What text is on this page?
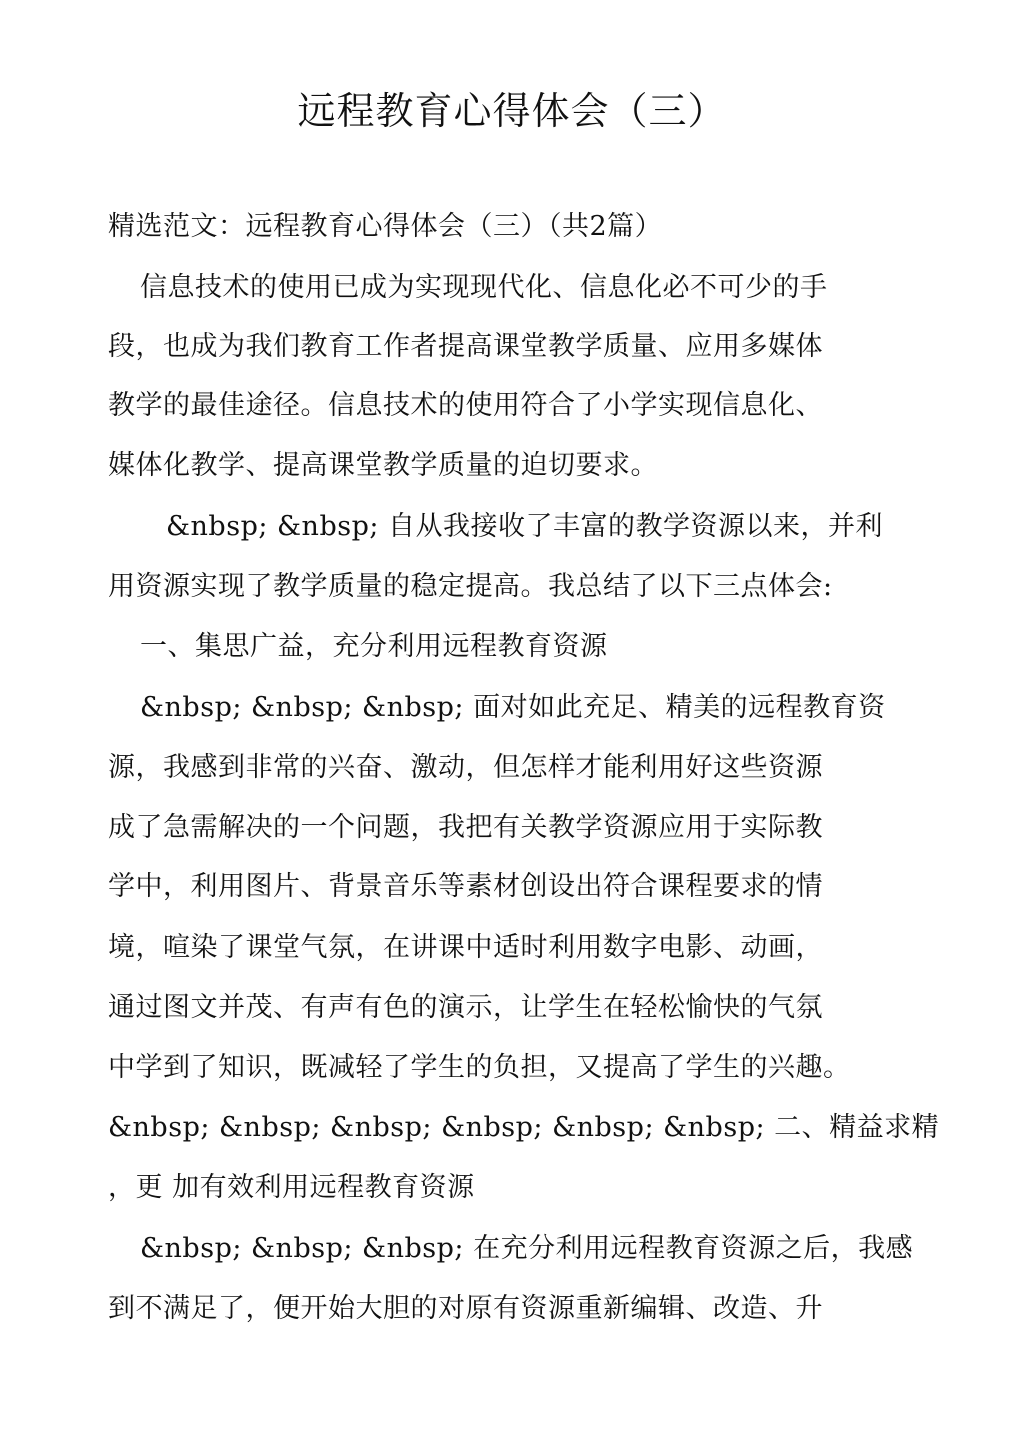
远程教育心得体会（三）

精选范文：远程教育心得体会（三）（共2篇）

信息技术的使用已成为实现现代化、信息化必不可少的手

段，也成为我们教育工作者提高课堂教学质量、应用多媒体

教学的最佳途径。信息技术的使用符合了小学实现信息化、

媒体化教学、提高课堂教学质量的迫切要求。

&nbsp; &nbsp; 自从我接收了丰富的教学资源以来，并利

用资源实现了教学质量的稳定提高。我总结了以下三点体会:

一、集思广益，充分利用远程教育资源

&nbsp; &nbsp; &nbsp; 面对如此充足、精美的远程教育资

源，我感到非常的兴奋、激动，但怎样才能利用好这些资源

成了急需解决的一个问题，我把有关教学资源应用于实际教

学中，利用图片、背景音乐等素材创设出符合课程要求的情

境，喧染了课堂气氛，在讲课中适时利用数字电影、动画，

通过图文并茂、有声有色的演示，让学生在轻松愉快的气氛

中学到了知识，既减轻了学生的负担，又提高了学生的兴趣。

&nbsp; &nbsp; &nbsp; &nbsp; &nbsp; &nbsp; 二、精益求精

，更 加有效利用远程教育资源

&nbsp; &nbsp; &nbsp; 在充分利用远程教育资源之后，我感

到不满足了，便开始大胆的对原有资源重新编辑、改造、升
